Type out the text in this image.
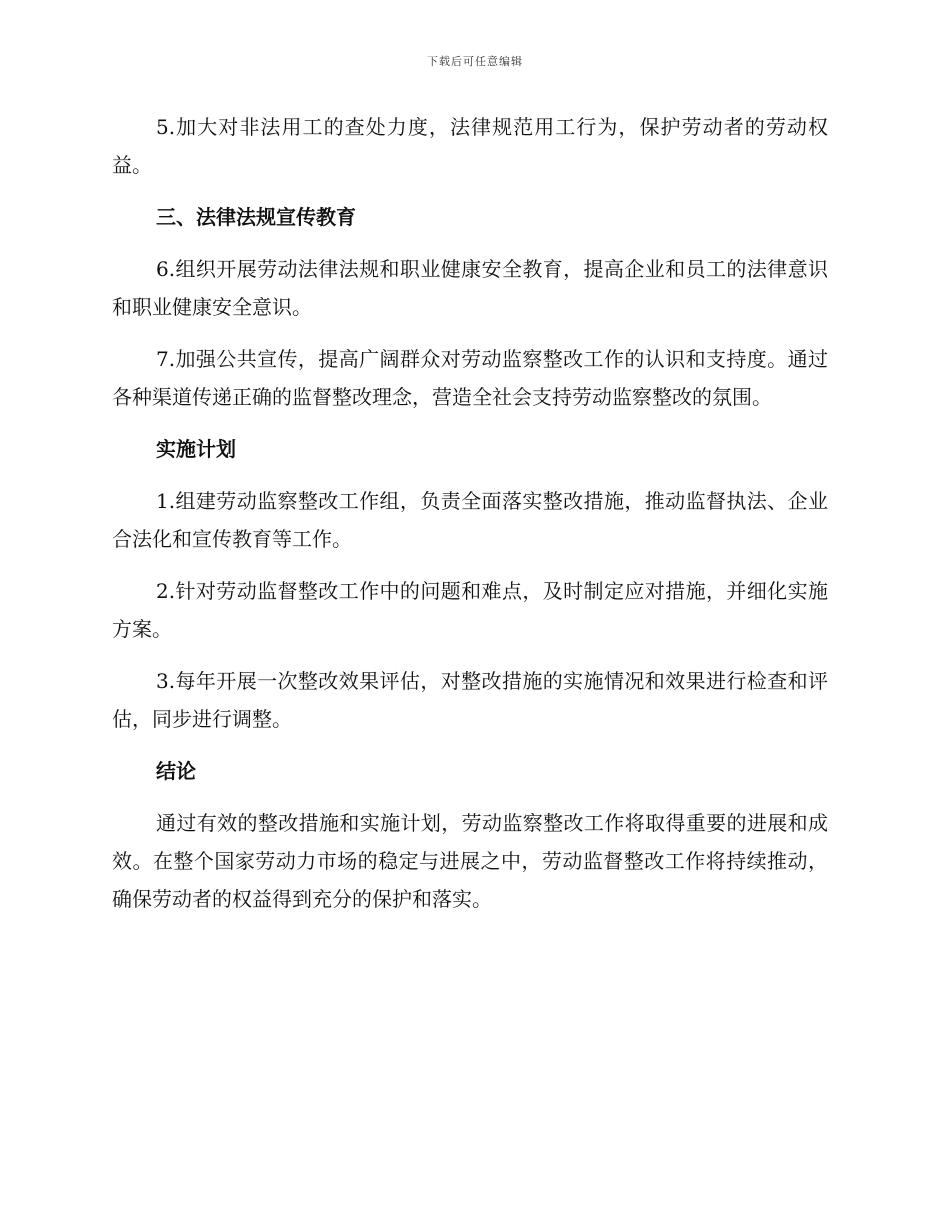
下载后可任意编辑

5.加大对非法用工的查处力度，法律规范用工行为，保护劳动者的劳动权益。

三、法律法规宣传教育

6.组织开展劳动法律法规和职业健康安全教育，提高企业和员工的法律意识和职业健康安全意识。

7.加强公共宣传，提高广阔群众对劳动监察整改工作的认识和支持度。通过各种渠道传递正确的监督整改理念，营造全社会支持劳动监察整改的氛围。

实施计划

1.组建劳动监察整改工作组，负责全面落实整改措施，推动监督执法、企业合法化和宣传教育等工作。

2.针对劳动监督整改工作中的问题和难点，及时制定应对措施，并细化实施方案。

3.每年开展一次整改效果评估，对整改措施的实施情况和效果进行检查和评估，同步进行调整。

结论

通过有效的整改措施和实施计划，劳动监察整改工作将取得重要的进展和成效。在整个国家劳动力市场的稳定与进展之中，劳动监督整改工作将持续推动，确保劳动者的权益得到充分的保护和落实。
